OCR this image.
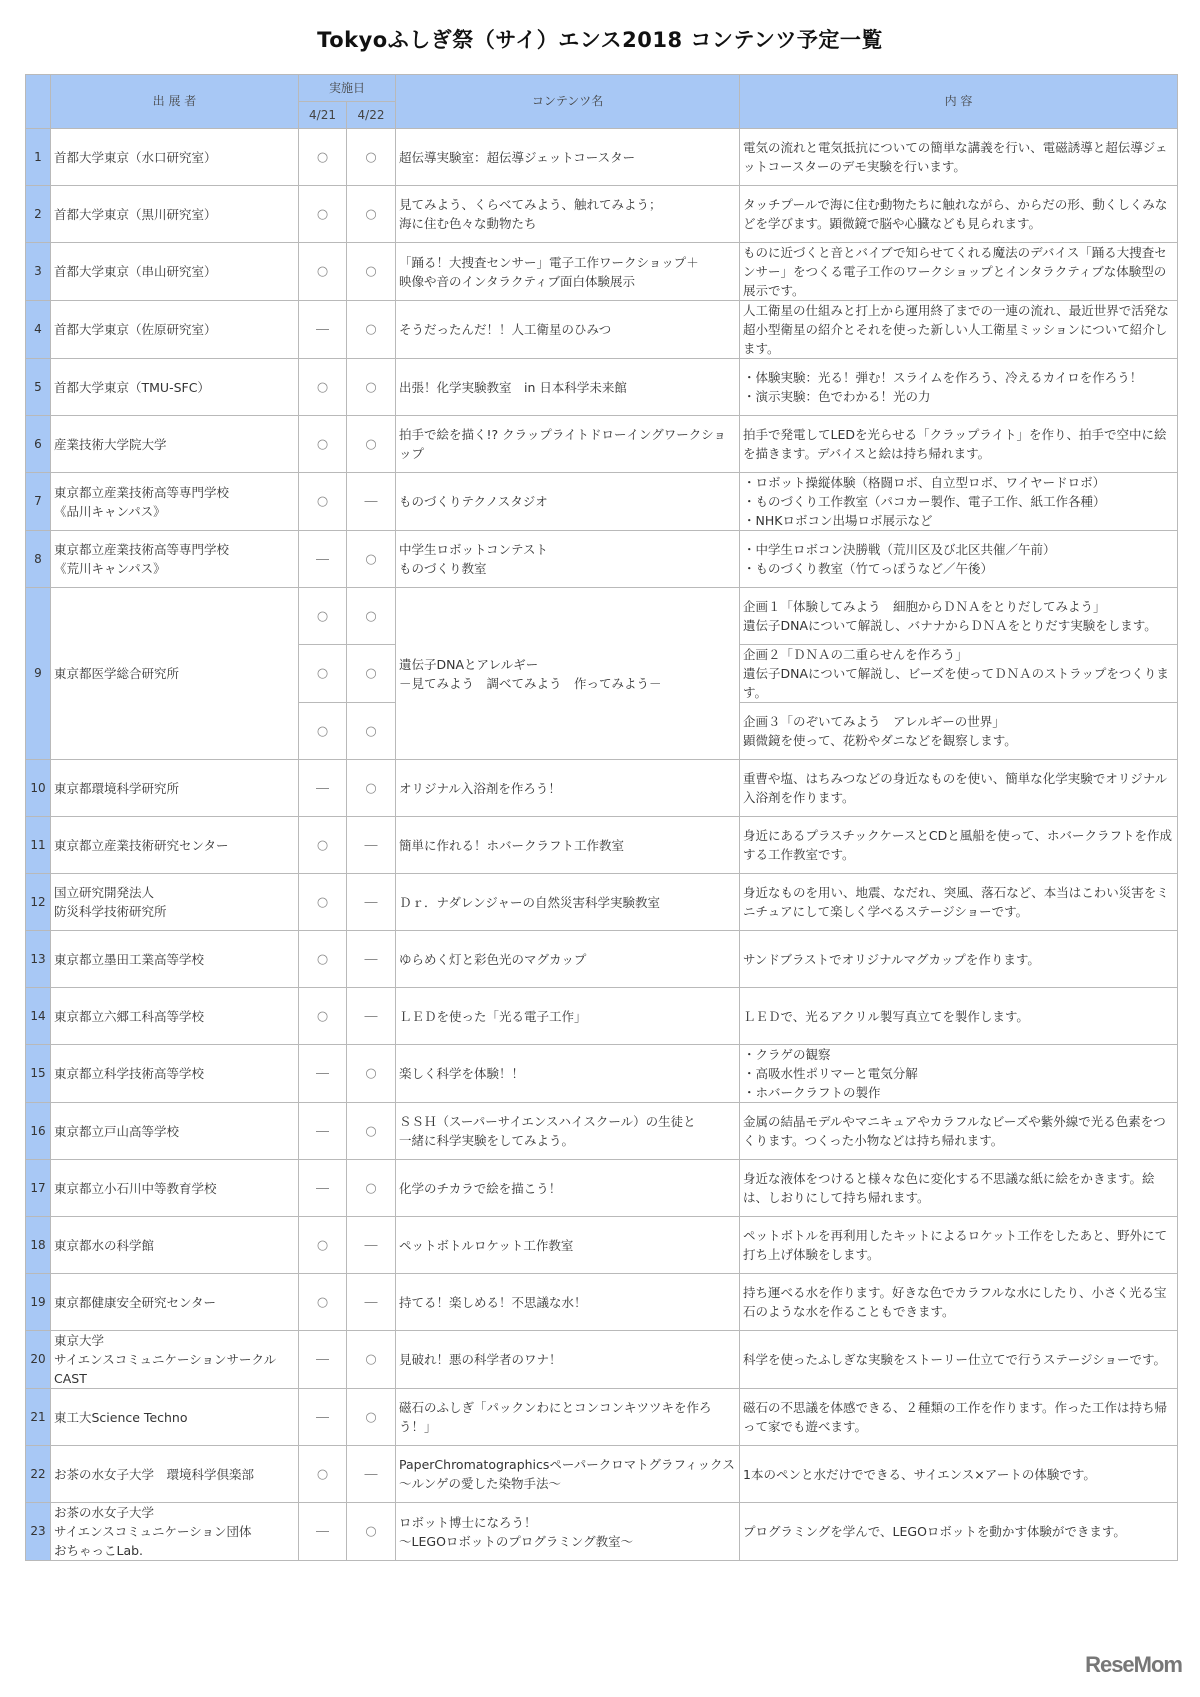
Tokyoふしぎ祭（サイ）エンス2018 コンテンツ予定一覧
	出 展 者	実施日		コンテンツ名	内 容
		4/21	4/22		
1	首都大学東京（水口研究室）	○	○	超伝導実験室：超伝導ジェットコースター	電気の流れと電気抵抗についての簡単な講義を行い、電磁誘導と超伝導ジェットコースターのデモ実験を行います。
2	首都大学東京（黒川研究室）	○	○	見てみよう、くらべてみよう、触れてみよう；
海に住む色々な動物たち	タッチプールで海に住む動物たちに触れながら、からだの形、動くしくみなどを学びます。顕微鏡で脳や心臓なども見られます。
3	首都大学東京（串山研究室）	○	○	「踊る！大捜査センサー」電子工作ワークショップ＋
映像や音のインタラクティブ面白体験展示	ものに近づくと音とバイブで知らせてくれる魔法のデバイス「踊る大捜査センサー」をつくる電子工作のワークショップとインタラクティブな体験型の展示です。
4	首都大学東京（佐原研究室）	―	○	そうだったんだ！！人工衛星のひみつ	人工衛星の仕組みと打上から運用終了までの一連の流れ、最近世界で活発な超小型衛星の紹介とそれを使った新しい人工衛星ミッションについて紹介します。
5	首都大学東京（TMU-SFC）	○	○	出張！化学実験教室　in 日本科学未来館	・体験実験：光る！弾む！スライムを作ろう、冷えるカイロを作ろう！
・演示実験：色でわかる！光の力
6	産業技術大学院大学	○	○	拍手で絵を描く!? クラップライトドローイングワークショップ	拍手で発電してLEDを光らせる「クラップライト」を作り、拍手で空中に絵を描きます。デバイスと絵は持ち帰れます。
7	東京都立産業技術高等専門学校
《品川キャンパス》	○	―	ものづくりテクノスタジオ	・ロボット操縦体験（格闘ロボ、自立型ロボ、ワイヤードロボ）
・ものづくり工作教室（パコカー製作、電子工作、紙工作各種）
・NHKロボコン出場ロボ展示など
8	東京都立産業技術高等専門学校
《荒川キャンパス》	―	○	中学生ロボットコンテスト
ものづくり教室	・中学生ロボコン決勝戦（荒川区及び北区共催／午前）
・ものづくり教室（竹てっぽうなど／午後）
9	東京都医学総合研究所	○	○	遺伝子DNAとアレルギー
－見てみよう　調べてみよう　作ってみよう－	企画１「体験してみよう　細胞からＤＮＡをとりだしてみよう」
遺伝子DNAについて解説し、バナナからＤＮＡをとりだす実験をします。
		○	○		企画２「ＤＮＡの二重らせんを作ろう」
遺伝子DNAについて解説し、ビーズを使ってＤＮＡのストラップをつくります。
		○	○		企画３「のぞいてみよう　アレルギーの世界」
顕微鏡を使って、花粉やダニなどを観察します。
10	東京都環境科学研究所	―	○	オリジナル入浴剤を作ろう！	重曹や塩、はちみつなどの身近なものを使い、簡単な化学実験でオリジナル入浴剤を作ります。
11	東京都立産業技術研究センター	○	―	簡単に作れる！ホバークラフト工作教室	身近にあるプラスチックケースとCDと風船を使って、ホバークラフトを作成する工作教室です。
12	国立研究開発法人
防災科学技術研究所	○	―	Ｄｒ．ナダレンジャーの自然災害科学実験教室	身近なものを用い、地震、なだれ、突風、落石など、本当はこわい災害をミニチュアにして楽しく学べるステージショーです。
13	東京都立墨田工業高等学校	○	―	ゆらめく灯と彩色光のマグカップ	サンドブラストでオリジナルマグカップを作ります。
14	東京都立六郷工科高等学校	○	―	ＬＥＤを使った「光る電子工作」	ＬＥＤで、光るアクリル製写真立てを製作します。
15	東京都立科学技術高等学校	―	○	楽しく科学を体験！！	・クラゲの観察
・高吸水性ポリマーと電気分解
・ホバークラフトの製作
16	東京都立戸山高等学校	―	○	ＳＳＨ（スーパーサイエンスハイスクール）の生徒と
一緒に科学実験をしてみよう。	金属の結晶モデルやマニキュアやカラフルなビーズや紫外線で光る色素をつくります。つくった小物などは持ち帰れます。
17	東京都立小石川中等教育学校	―	○	化学のチカラで絵を描こう！	身近な液体をつけると様々な色に変化する不思議な紙に絵をかきます。絵は、しおりにして持ち帰れます。
18	東京都水の科学館	○	―	ペットボトルロケット工作教室	ペットボトルを再利用したキットによるロケット工作をしたあと、野外にて打ち上げ体験をします。
19	東京都健康安全研究センター	○	―	持てる！楽しめる！不思議な水！	持ち運べる水を作ります。好きな色でカラフルな水にしたり、小さく光る宝石のような水を作ることもできます。
20	東京大学
サイエンスコミュニケーションサークルCAST	―	○	見破れ！悪の科学者のワナ！	科学を使ったふしぎな実験をストーリー仕立てで行うステージショーです。
21	東工大Science Techno	―	○	磁石のふしぎ「パックンわにとコンコンキツツキを作ろう！」	磁石の不思議を体感できる、２種類の工作を作ります。作った工作は持ち帰って家でも遊べます。
22	お茶の水女子大学　環境科学倶楽部	○	―	PaperChromatographicsペーパークロマトグラフィックス
～ルンゲの愛した染物手法～	1本のペンと水だけでできる、サイエンス×アートの体験です。
23	お茶の水女子大学
サイエンスコミュニケーション団体
おちゃっこLab.	―	○	ロボット博士になろう！
～LEGOロボットのプログラミング教室～	プログラミングを学んで、LEGOロボットを動かす体験ができます。
ReseMom
